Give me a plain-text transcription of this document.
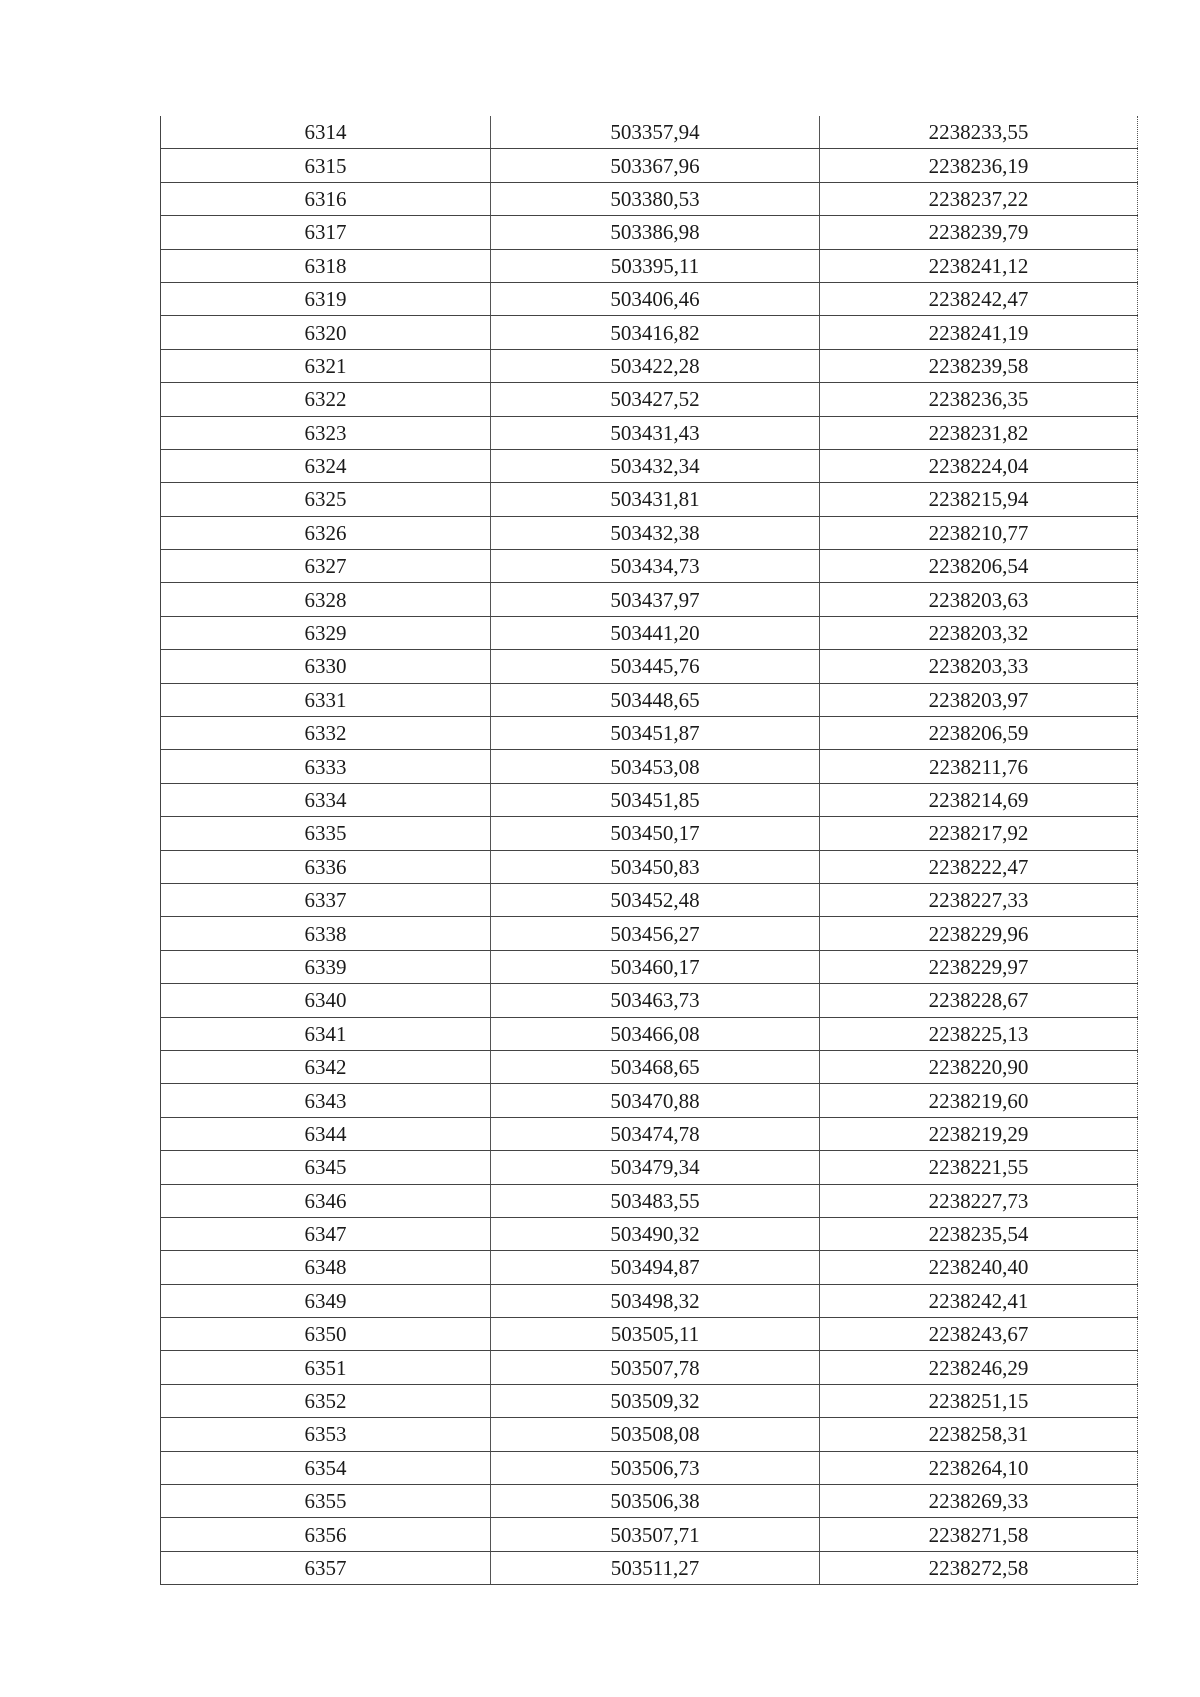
6314	503357,94	2238233,55
6315	503367,96	2238236,19
6316	503380,53	2238237,22
6317	503386,98	2238239,79
6318	503395,11	2238241,12
6319	503406,46	2238242,47
6320	503416,82	2238241,19
6321	503422,28	2238239,58
6322	503427,52	2238236,35
6323	503431,43	2238231,82
6324	503432,34	2238224,04
6325	503431,81	2238215,94
6326	503432,38	2238210,77
6327	503434,73	2238206,54
6328	503437,97	2238203,63
6329	503441,20	2238203,32
6330	503445,76	2238203,33
6331	503448,65	2238203,97
6332	503451,87	2238206,59
6333	503453,08	2238211,76
6334	503451,85	2238214,69
6335	503450,17	2238217,92
6336	503450,83	2238222,47
6337	503452,48	2238227,33
6338	503456,27	2238229,96
6339	503460,17	2238229,97
6340	503463,73	2238228,67
6341	503466,08	2238225,13
6342	503468,65	2238220,90
6343	503470,88	2238219,60
6344	503474,78	2238219,29
6345	503479,34	2238221,55
6346	503483,55	2238227,73
6347	503490,32	2238235,54
6348	503494,87	2238240,40
6349	503498,32	2238242,41
6350	503505,11	2238243,67
6351	503507,78	2238246,29
6352	503509,32	2238251,15
6353	503508,08	2238258,31
6354	503506,73	2238264,10
6355	503506,38	2238269,33
6356	503507,71	2238271,58
6357	503511,27	2238272,58
